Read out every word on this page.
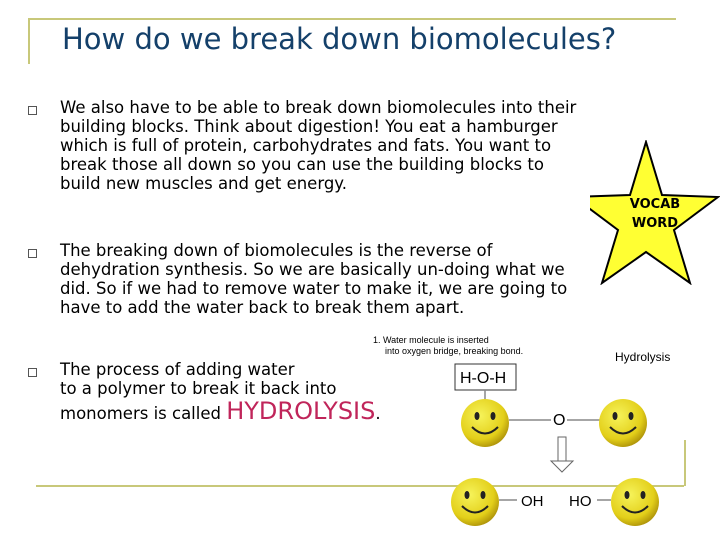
How do we break down biomolecules?
We also have to be able to break down biomolecules into their
building blocks. Think about digestion! You eat a hamburger
which is full of protein, carbohydrates and fats. You want to
break those all down so you can use the building blocks to
build new muscles and get energy.
The breaking down of biomolecules is the reverse of
dehydration synthesis. So we are basically un-doing what we
did. So if we had to remove water to make it, we are going to
have to add the water back to break them apart.
The process of adding water
to a polymer to break it back into
monomers is called HYDROLYSIS.
VOCAB
WORD
1. Water molecule is inserted
into oxygen bridge, breaking bond.	Hydrolysis
H-O-H
O
OH HO
